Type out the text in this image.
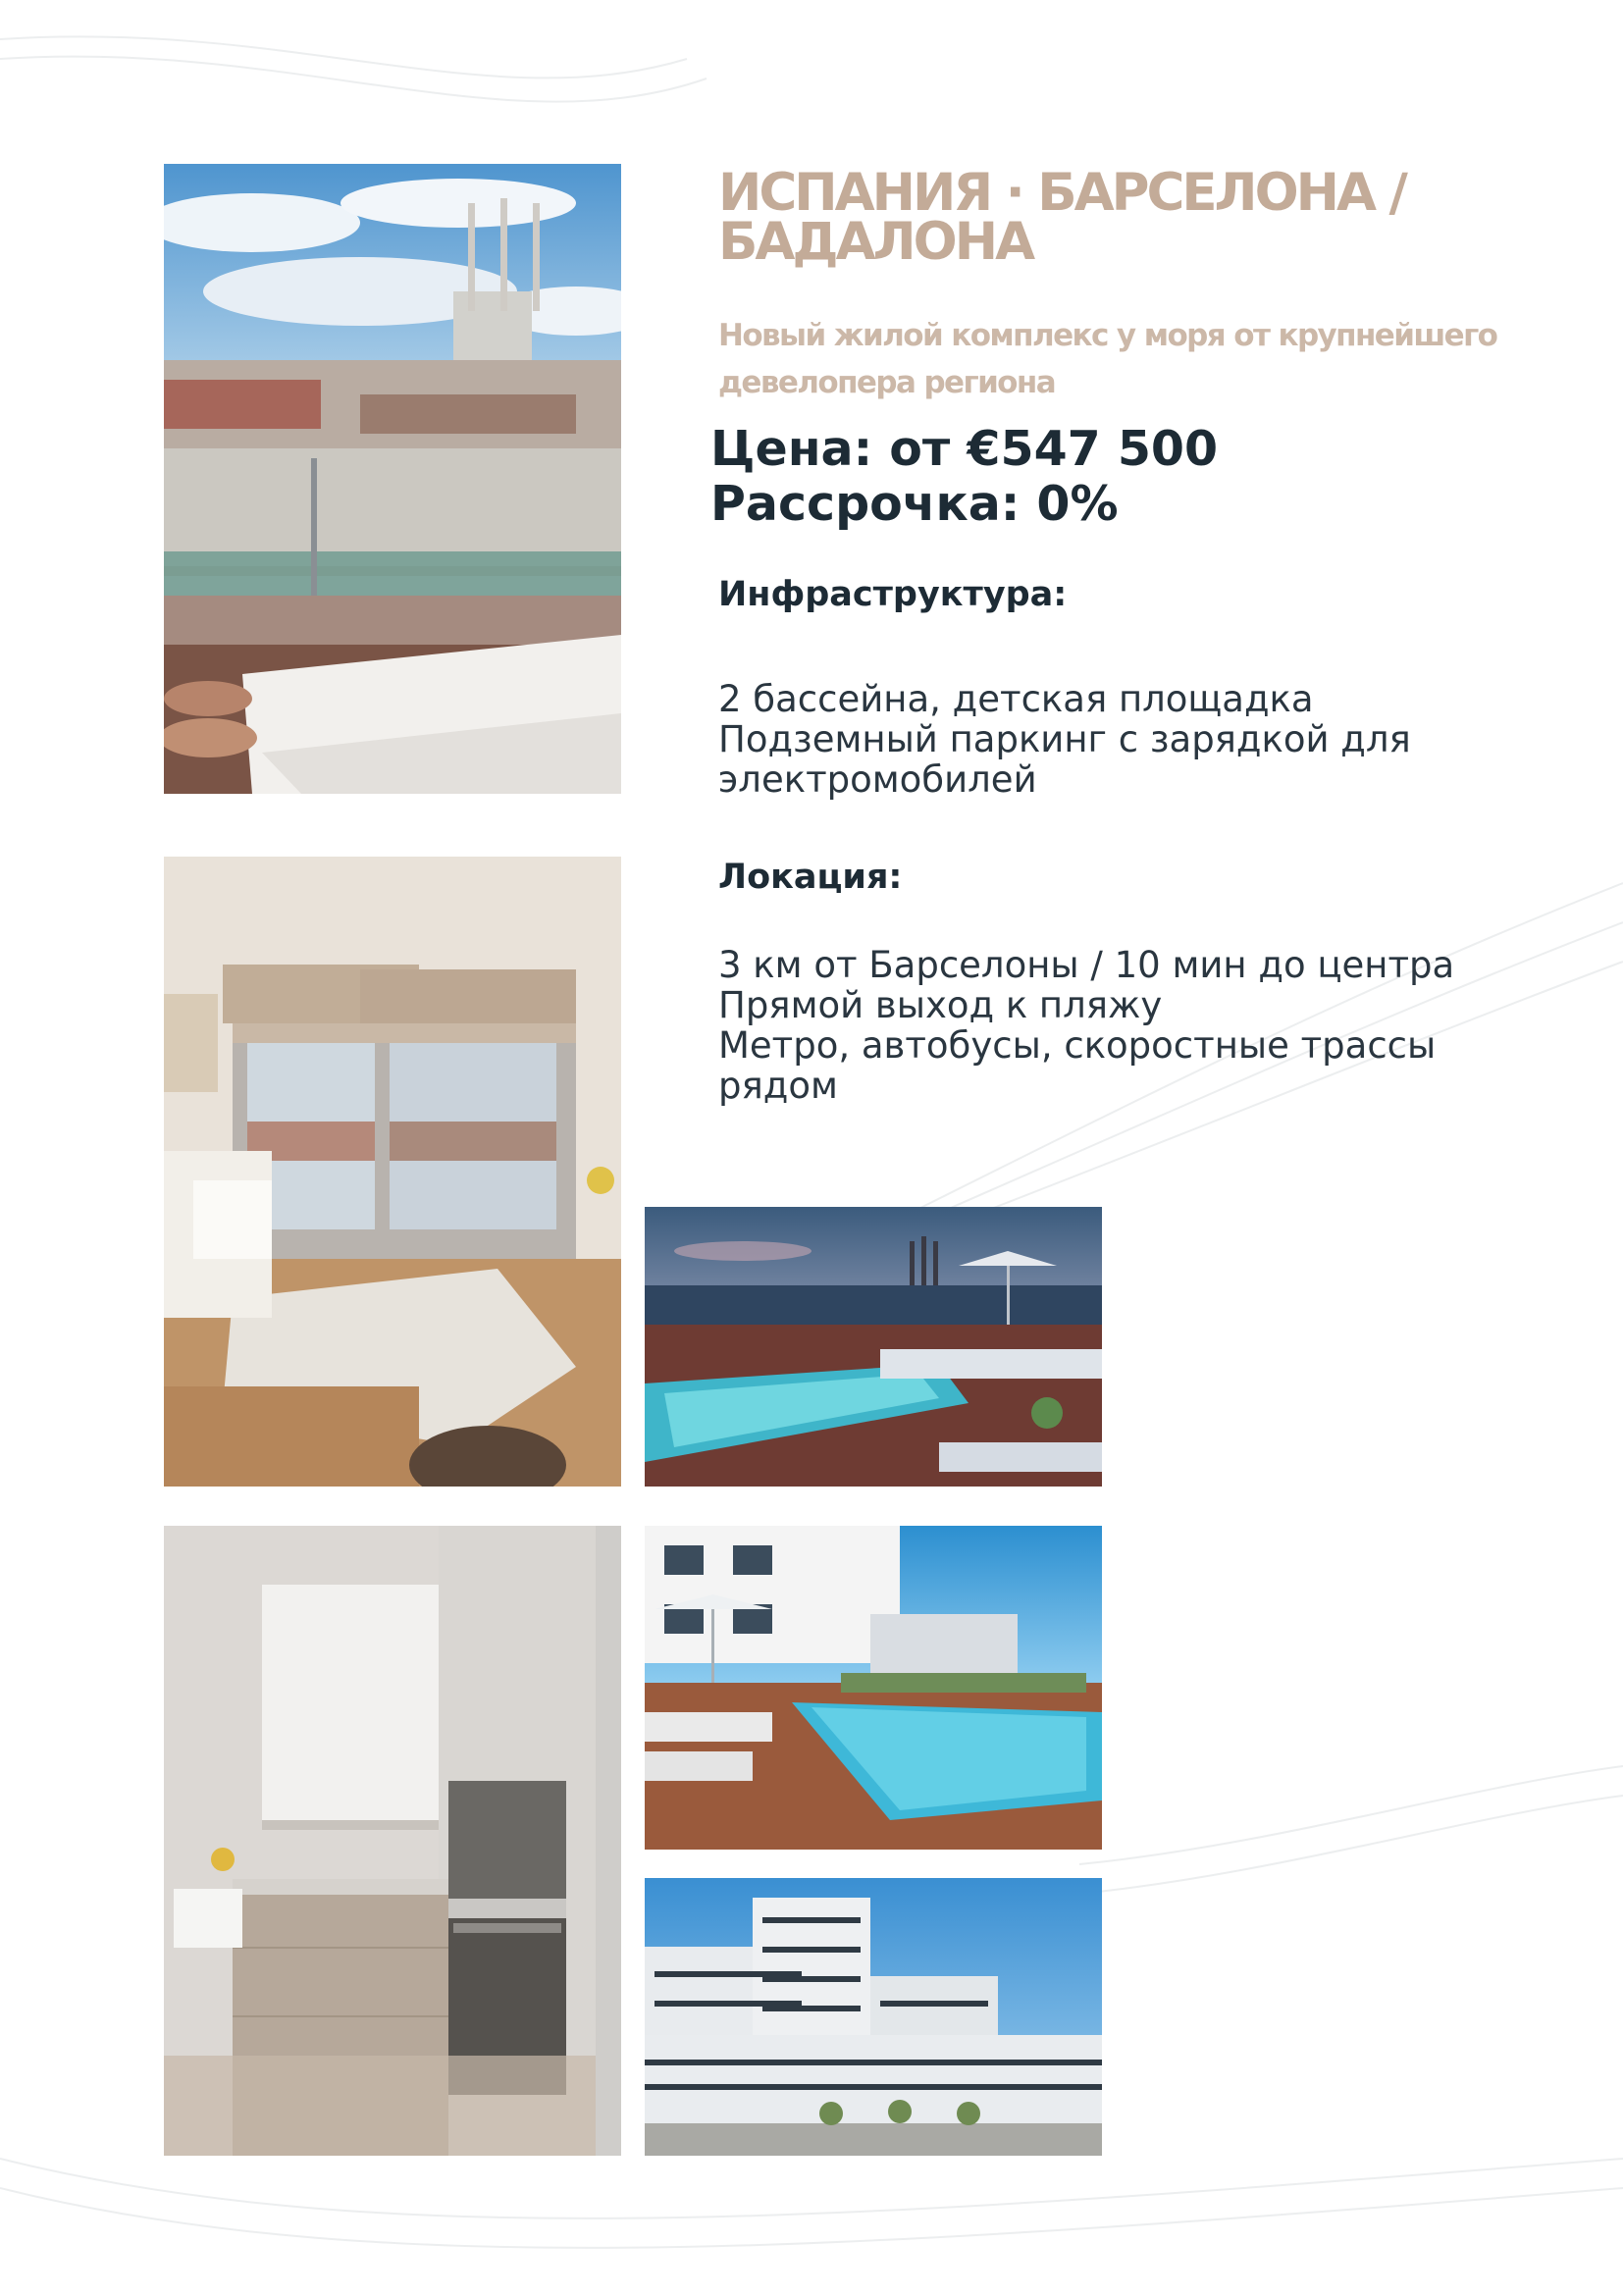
ИСПАНИЯ · БАРСЕЛОНА / БАДАЛОНА
Новый жилой комплекс у моря от крупнейшего девелопера региона
Цена: от €547 500
Рассрочка: 0%
Инфраструктура:
2 бассейна, детская площадка
Подземный паркинг с зарядкой для
электромобилей
Локация:
3 км от Барселоны / 10 мин до центра
Прямой выход к пляжу
Метро, автобусы, скоростные трассы
рядом
